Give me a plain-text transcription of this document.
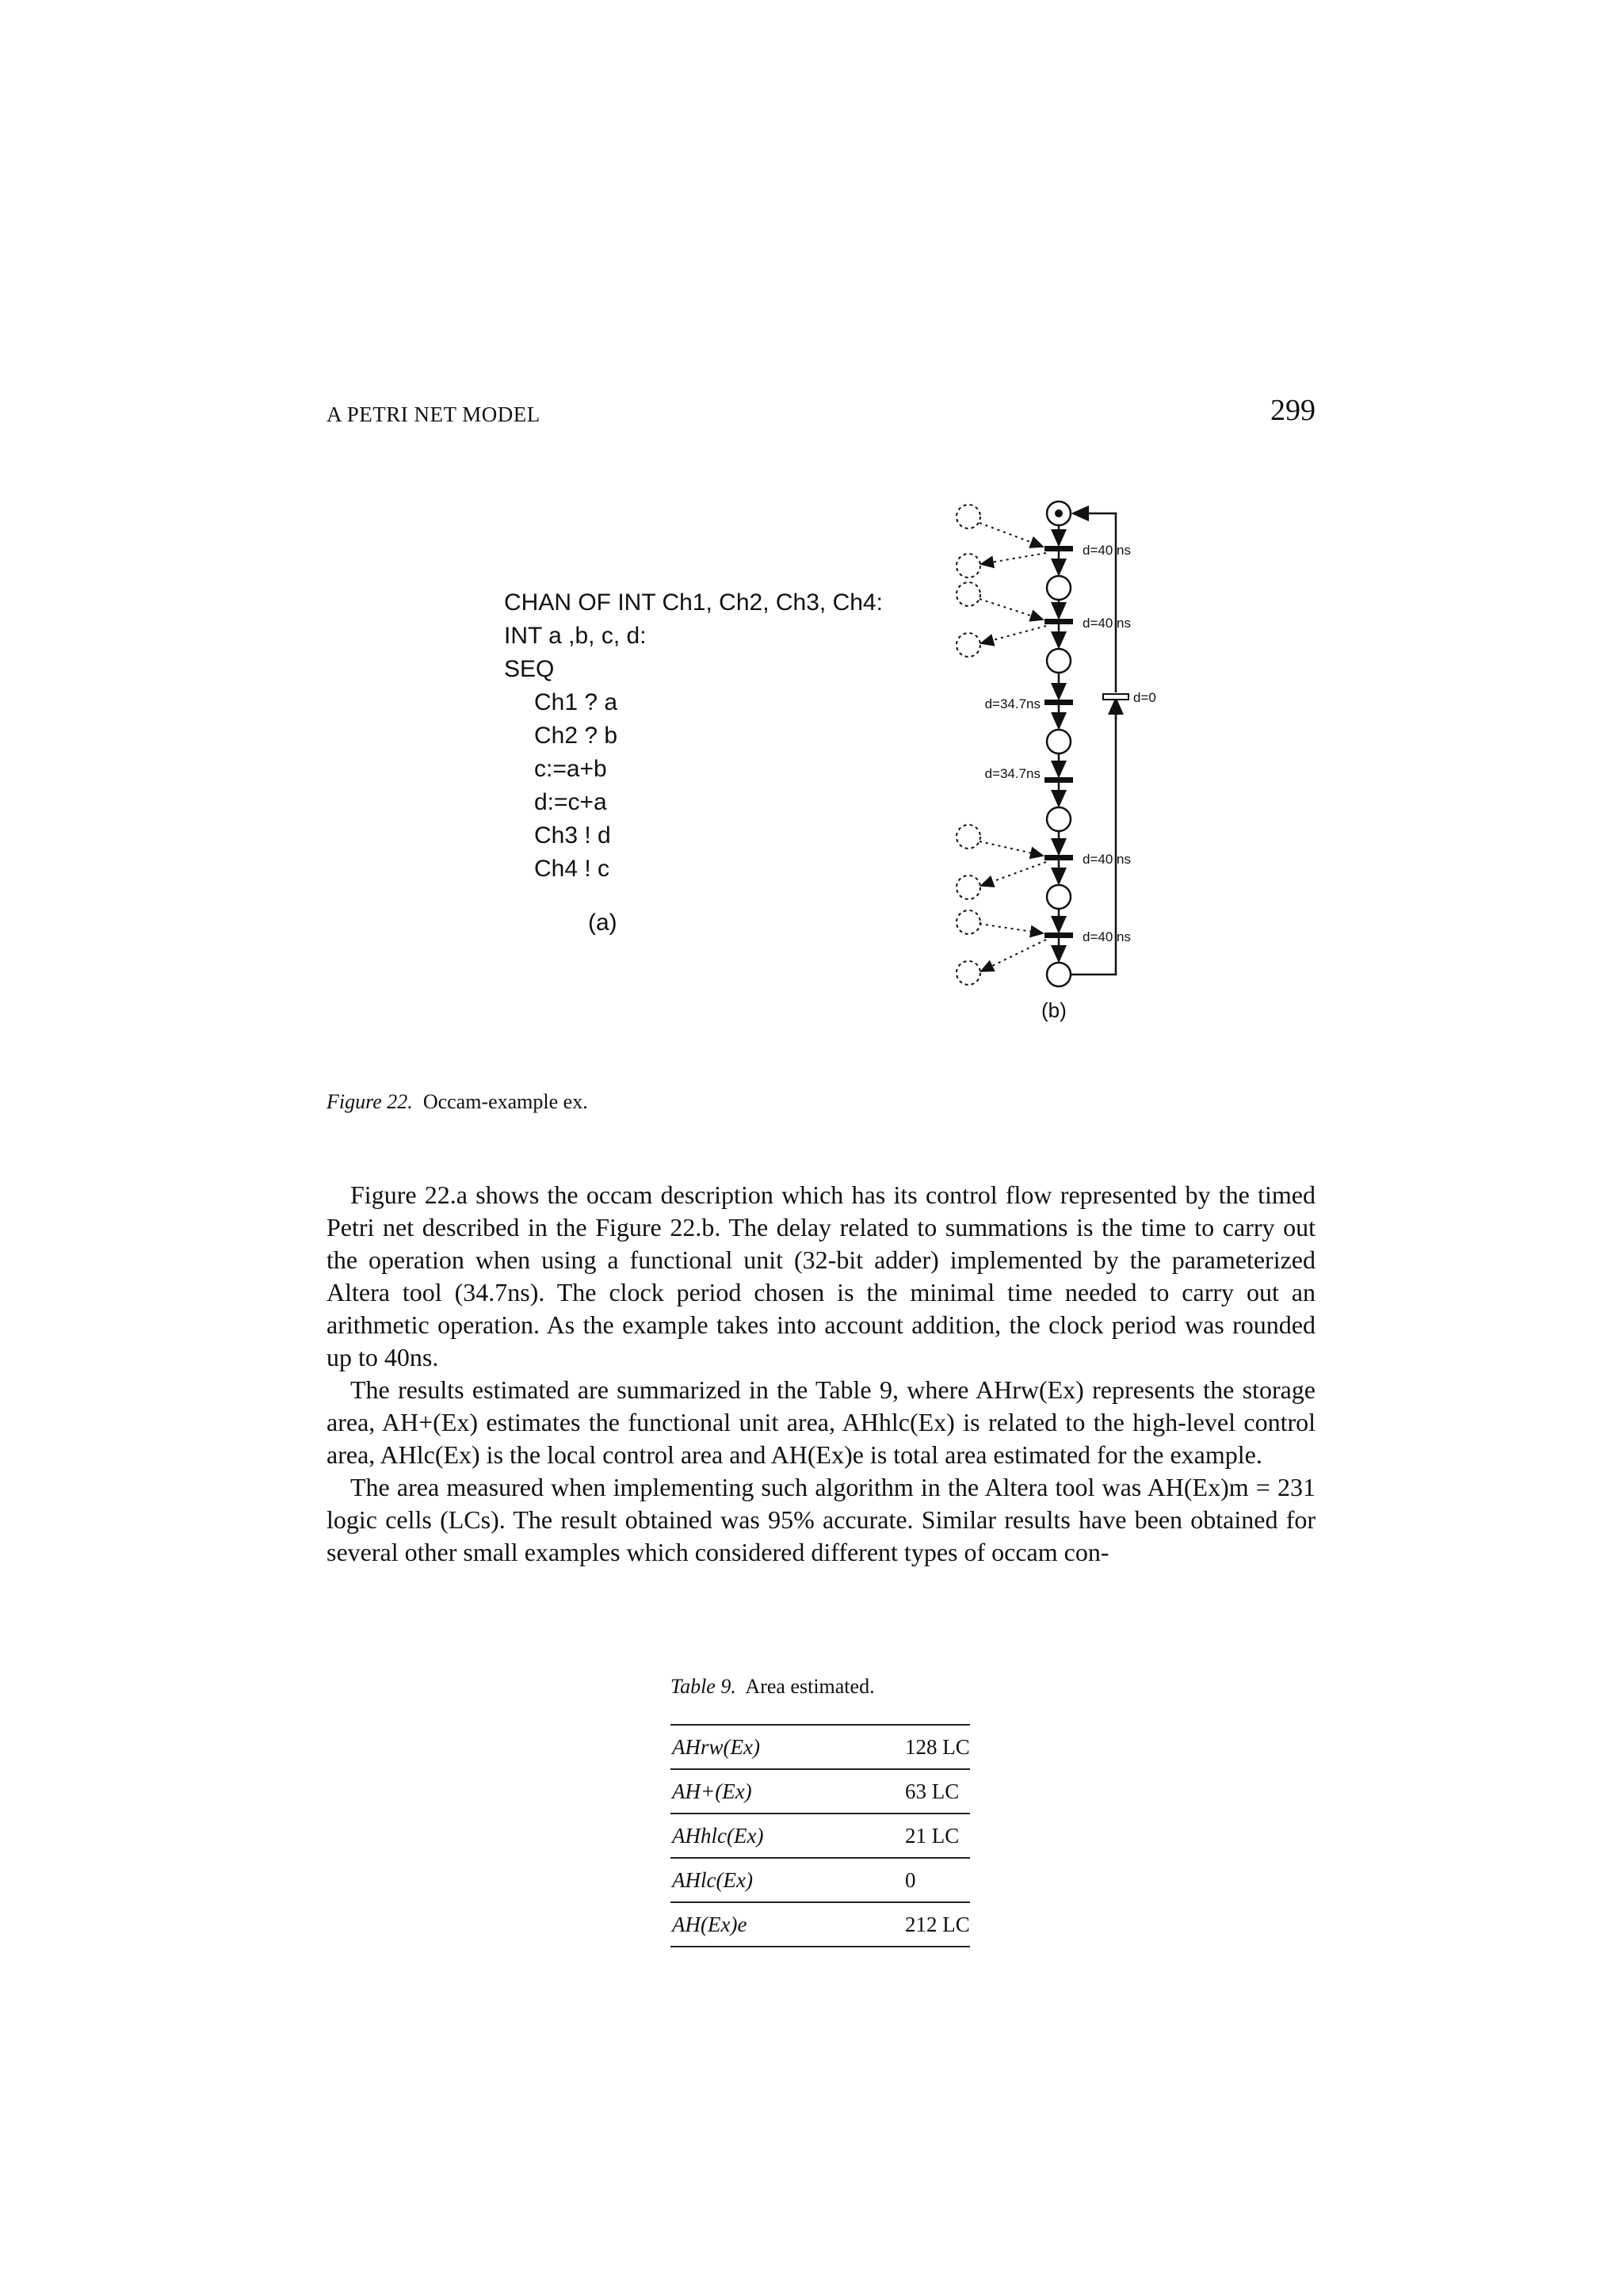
A PETRI NET MODEL	299
CHAN OF INT Ch1, Ch2, Ch3, Ch4:
INT a ,b, c, d:
SEQ
Ch1 ? a
Ch2 ? b
c:=a+b
d:=c+a
Ch3 ! d
Ch4 ! c
(a)
d=40 ns
d=40 ns
d=34.7ns
d=34.7ns
d=40 ns
d=40 ns
d=0
(b)
Figure 22. Occam-example ex.

Figure 22.a shows the occam description which has its control flow represented by the timed Petri net described in the Figure 22.b. The delay related to summations is the time to carry out the operation when using a functional unit (32-bit adder) implemented by the parameterized Altera tool (34.7ns). The clock period chosen is the minimal time needed to carry out an arithmetic operation. As the example takes into account addition, the clock period was rounded up to 40ns.

The results estimated are summarized in the Table 9, where AHrw(Ex) represents the storage area, AH+(Ex) estimates the functional unit area, AHhlc(Ex) is related to the high-level control area, AHlc(Ex) is the local control area and AH(Ex)e is total area estimated for the example.

The area measured when implementing such algorithm in the Altera tool was AH(Ex)m = 231 logic cells (LCs). The result obtained was 95% accurate. Similar results have been obtained for several other small examples which considered different types of occam con-

Table 9. Area estimated.
AHrw(Ex)	128 LC
AH+(Ex)	63 LC
AHhlc(Ex)	21 LC
AHlc(Ex)	0
AH(Ex)e	212 LC
